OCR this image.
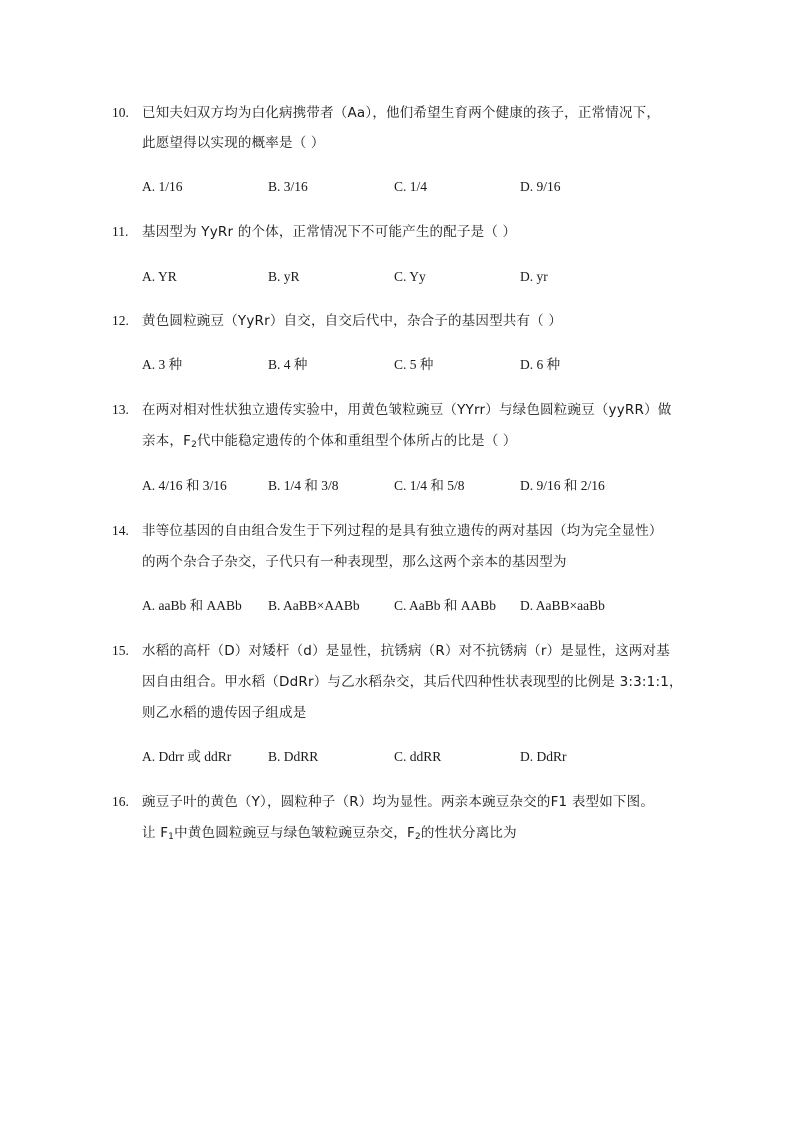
10. 已知夫妇双方均为白化病携带者（Aa），他们希望生育两个健康的孩子，正常情况下，
此愿望得以实现的概率是（ ）
A. 1/16	B. 3/16	C. 1/4	D. 9/16
11. 基因型为 YyRr 的个体，正常情况下不可能产生的配子是（ ）
A. YR	B. yR	C. Yy	D. yr
12. 黄色圆粒豌豆（YyRr）自交，自交后代中，杂合子的基因型共有（ ）
A. 3 种	B. 4 种	C. 5 种	D. 6 种
13. 在两对相对性状独立遗传实验中，用黄色皱粒豌豆（YYrr）与绿色圆粒豌豆（yyRR）做
亲本，$F_2$代中能稳定遗传的个体和重组型个体所占的比是（ ）
A. 4/16 和 3/16	B. 1/4 和 3/8	C. 1/4 和 5/8	D. 9/16 和 2/16
14. 非等位基因的自由组合发生于下列过程的是具有独立遗传的两对基因（均为完全显性）
的两个杂合子杂交，子代只有一种表现型，那么这两个亲本的基因型为
A. aaBb 和 AABb B. AaBB×AABb	C. AaBb 和 AABb D. AaBB×aaBb
15. 水稻的高杆（D）对矮杆（d）是显性，抗锈病（R）对不抗锈病（r）是显性，这两对基
因自由组合。甲水稻（DdRr）与乙水稻杂交，其后代四种性状表现型的比例是 3:3:1:1，
则乙水稻的遗传因子组成是
A. Ddrr 或 ddRr	B. DdRR	C. ddRR	D. DdRr
16. 豌豆子叶的黄色（Y），圆粒种子（R）均为显性。两亲本豌豆杂交的F1 表型如下图。
让 $F_1$中黄色圆粒豌豆与绿色皱粒豌豆杂交，$F_2$的性状分离比为
